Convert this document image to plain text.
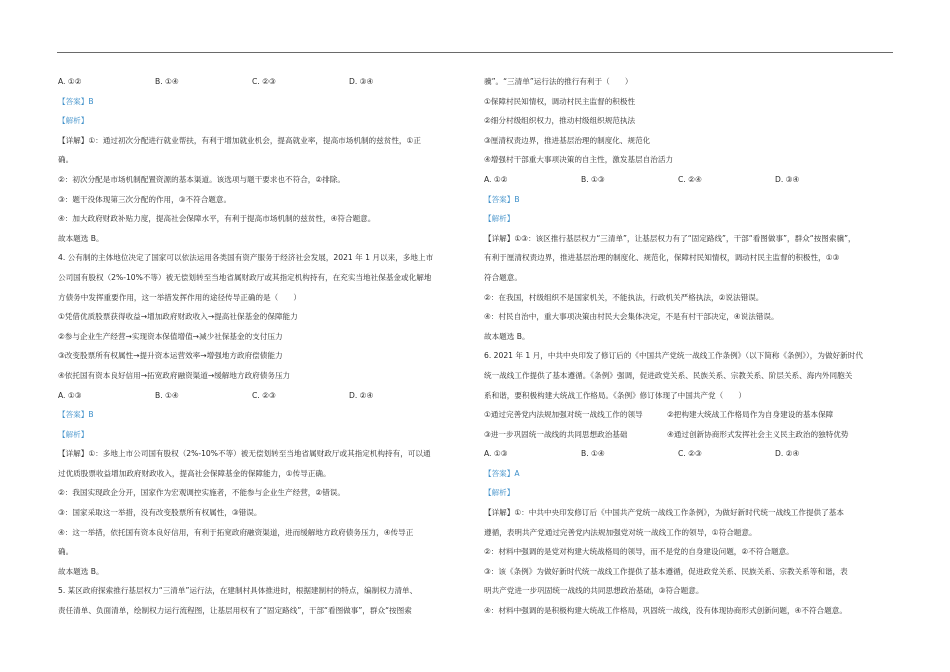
A. ①②	B. ①④	C. ②③	D. ③④
【答案】B
【解析】
【详解】①：通过初次分配进行就业帮扶，有利于增加就业机会，提高就业率，提高市场机制的兹贫性，①正
确。
②：初次分配是市场机制配置资源的基本渠道。该选项与题干要求也不符合，②排除。
③：题干没体现第三次分配的作用，③不符合题意。
④：加大政府财政补贴力度，提高社会保障水平，有利于提高市场机制的兹贫性，④符合题意。
故本题选 B。
4. 公有制的主体地位决定了国家可以依法运用各类国有资产服务于经济社会发展，2021 年 1 月以来，多地上市
公司国有股权（2%-10%不等）被无偿划转至当地省属财政厅或其指定机构持有，在充实当地社保基金或化解地
方债务中发挥重要作用，这一举措发挥作用的途径传导正确的是（　　）
①凭借优质股票获得收益→增加政府财政收入→提高社保基金的保障能力
②参与企业生产经营→实现资本保值增值→减少社保基金的支付压力
③改变股票所有权属性→提升资本运营效率→增强地方政府偿债能力
④依托国有资本良好信用→拓宽政府融资渠道→缓解地方政府债务压力
A. ①③	B. ①④	C. ②③	D. ②④
【答案】B
【解析】
【详解】①：多地上市公司国有股权（2%-10%不等）被无偿划转至当地省属财政厅或其指定机构持有，可以通
过优质股票收益增加政府财政收入，提高社会保障基金的保障能力，①传导正确。
②：我国实现政企分开，国家作为宏观调控实施者，不能参与企业生产经营，②错误。
③：国家采取这一举措，没有改变股票所有权属性，③错误。
④：这一举措，依托国有资本良好信用，有利于拓宽政府融资渠道，进而缓解地方政府债务压力，④传导正
确。
故本题选 B。
5. 某区政府探索推行基层权力“三清单”运行法，在建制村具体推进时，根据建制村的特点，编制权力清单、
责任清单、负面清单，绘制权力运行流程图，让基层用权有了“固定路线”，干部“看图做事”，群众“按图索
骥”。“三清单”运行法的推行有利于（　　）
①保障村民知情权，调动村民主监督的积极性
②细分村级组织权力，推动村级组织规范执法
③厘清权责边界，推进基层治理的制度化、规范化
④增强村干部重大事项决策的自主性，激发基层自治活力
A. ①②	B. ①③	C. ②④	D. ③④
【答案】B
【解析】
【详解】①③：该区推行基层权力“三清单”，让基层权力有了“固定路线”，干部“看图做事”，群众“按图索骥”，
有利于厘清权责边界，推进基层治理的制度化、规范化，保障村民知情权，调动村民主监督的积极性，①③
符合题意。
②：在我国，村级组织不是国家机关，不能执法，行政机关严格执法，②说法错误。
④：村民自治中，重大事项决策由村民大会集体决定，不是有村干部决定，④说法错误。
故本题选 B。
6. 2021 年 1 月，中共中央印发了修订后的《中国共产党统一战线工作条例》（以下简称《条例》），为做好新时代
统一战线工作提供了基本遵循。《条例》强调，促进政党关系、民族关系、宗教关系、阶层关系、海内外同胞关
系和谐，要积极构建大统战工作格局。《条例》修订体现了中国共产党（　　）
①通过完善党内法规加强对统一战线工作的领导	②把构建大统战工作格局作为自身建设的基本保障
③进一步巩固统一战线的共同思想政治基础	④通过创新协商形式发挥社会主义民主政治的独特优势
A. ①③	B. ①④	C. ②③	D. ②④
【答案】A
【解析】
【详解】①：中共中央印发修订后《中国共产党统一战线工作条例》，为做好新时代统一战线工作提供了基本
遵循，表明共产党通过完善党内法规加强党对统一战线工作的领导，①符合题意。
②：材料中强调的是党对构建大统战格局的领导，而不是党的自身建设问题，②不符合题意。
③：该《条例》为做好新时代统一战线工作提供了基本遵循，促进政党关系、民族关系、宗教关系等和谐，表
明共产党进一步巩固统一战线的共同思想政治基础，③符合题意。
④：材料中强调的是积极构建大统战工作格局，巩固统一战线，没有体现协商形式创新问题，④不符合题意。
